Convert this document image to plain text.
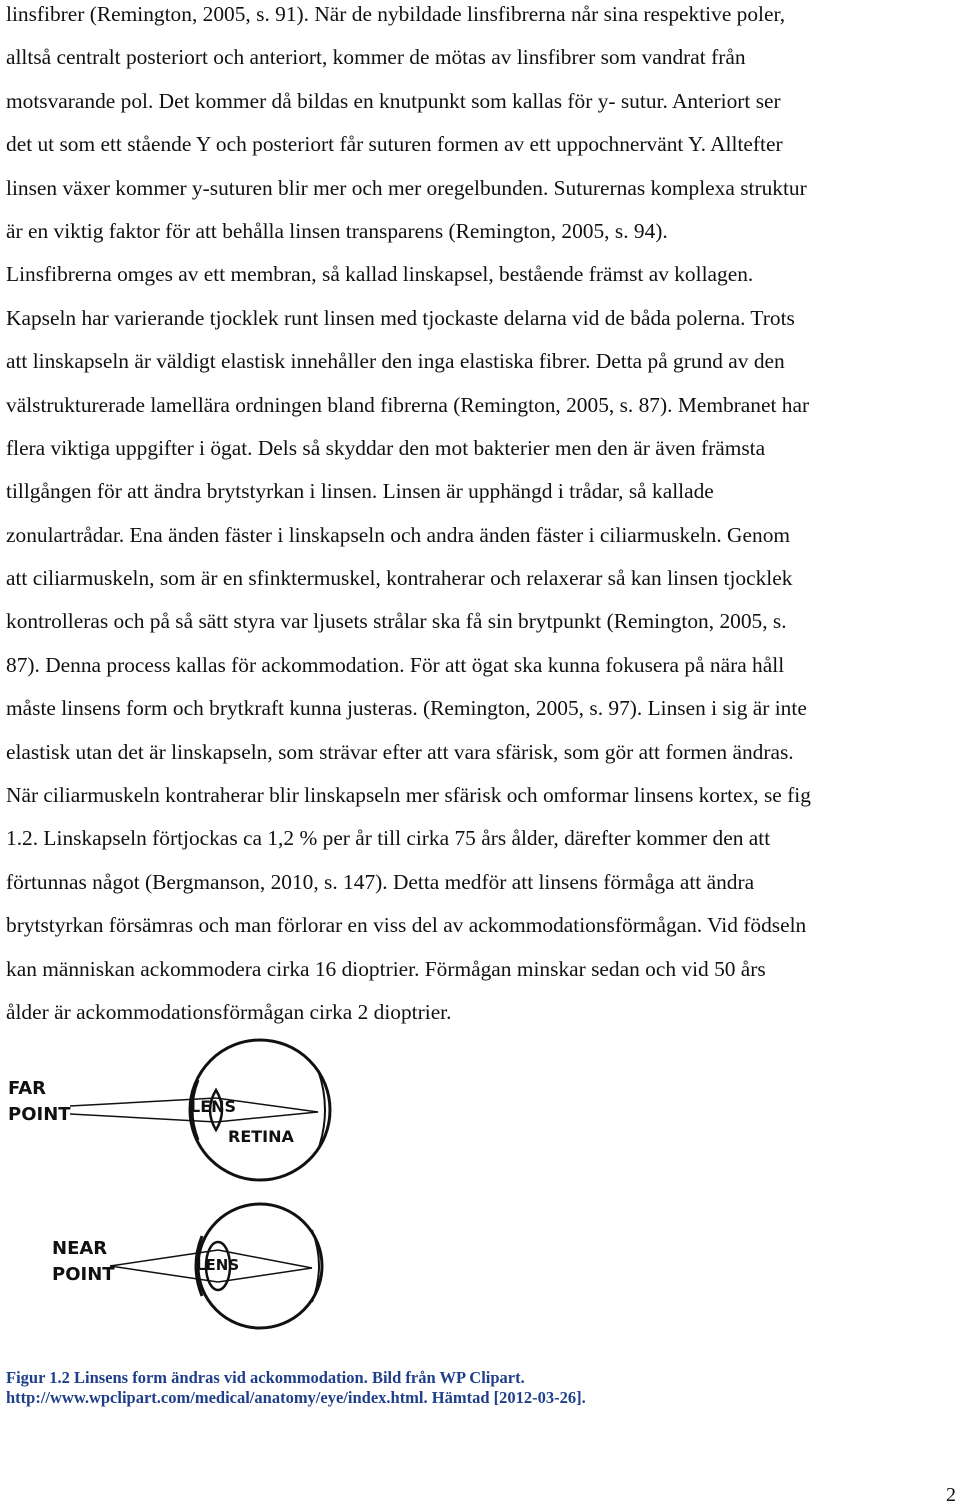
linsfibrer (Remington, 2005, s. 91). När de nybildade linsfibrerna når sina respektive poler,
alltså centralt posteriort och anteriort, kommer de mötas av linsfibrer som vandrat från
motsvarande pol. Det kommer då bildas en knutpunkt som kallas för y- sutur. Anteriort ser
det ut som ett stående Y och posteriort får suturen formen av ett uppochnervänt Y. Alltefter
linsen växer kommer y-suturen blir mer och mer oregelbunden. Suturernas komplexa struktur
är en viktig faktor för att behålla linsen transparens (Remington, 2005, s. 94).
Linsfibrerna omges av ett membran, så kallad linskapsel, bestående främst av kollagen.
Kapseln har varierande tjocklek runt linsen med tjockaste delarna vid de båda polerna. Trots
att linskapseln är väldigt elastisk innehåller den inga elastiska fibrer. Detta på grund av den
välstrukturerade lamellära ordningen bland fibrerna (Remington, 2005, s. 87). Membranet har
flera viktiga uppgifter i ögat. Dels så skyddar den mot bakterier men den är även främsta
tillgången för att ändra brytstyrkan i linsen. Linsen är upphängd i trådar, så kallade
zonulartrådar. Ena änden fäster i linskapseln och andra änden fäster i ciliarmuskeln. Genom
att ciliarmuskeln, som är en sfinktermuskel, kontraherar och relaxerar så kan linsen tjocklek
kontrolleras och på så sätt styra var ljusets strålar ska få sin brytpunkt (Remington, 2005, s.
87). Denna process kallas för ackommodation. För att ögat ska kunna fokusera på nära håll
måste linsens form och brytkraft kunna justeras. (Remington, 2005, s. 97). Linsen i sig är inte
elastisk utan det är linskapseln, som strävar efter att vara sfärisk, som gör att formen ändras.
När ciliarmuskeln kontraherar blir linskapseln mer sfärisk och omformar linsens kortex, se fig
1.2. Linskapseln förtjockas ca 1,2 % per år till cirka 75 års ålder, därefter kommer den att
förtunnas något (Bergmanson, 2010, s. 147). Detta medför att linsens förmåga att ändra
brytstyrkan försämras och man förlorar en viss del av ackommodationsförmågan. Vid födseln
kan människan ackommodera cirka 16 dioptrier. Förmågan minskar sedan och vid 50 års
ålder är ackommodationsförmågan cirka 2 dioptrier.
FAR
POINT	LENS
RETINA
NEAR
POINT	LENS
Figur 1.2 Linsens form ändras vid ackommodation. Bild från WP Clipart.
http://www.wpclipart.com/medical/anatomy/eye/index.html. Hämtad [2012-03-26].
2
